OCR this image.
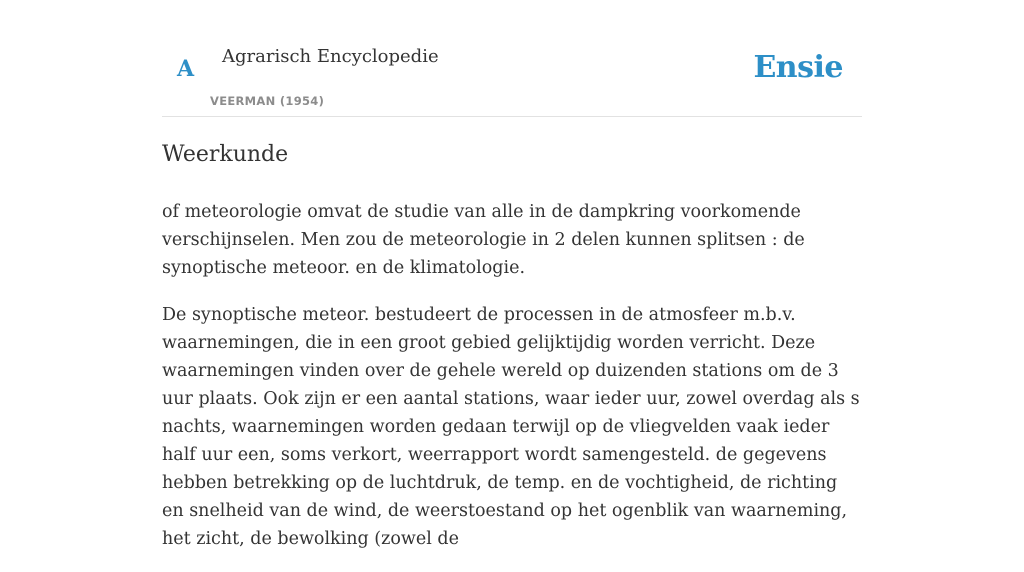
A Agrarisch Encyclopedie
VEERMAN (1954)
Ensie
Weerkunde

of meteorologie omvat de studie van alle in de dampkring voorkomende verschijnselen. Men zou de meteorologie in 2 delen kunnen splitsen : de synoptische meteoor. en de klimatologie.

De synoptische meteor. bestudeert de processen in de atmosfeer m.b.v. waarnemingen, die in een groot gebied gelijktijdig worden verricht. Deze waarnemingen vinden over de gehele wereld op duizenden stations om de 3 uur plaats. Ook zijn er een aantal stations, waar ieder uur, zowel overdag als s nachts, waarnemingen worden gedaan terwijl op de vliegvelden vaak ieder half uur een, soms verkort, weerrapport wordt samengesteld. de gegevens hebben betrekking op de luchtdruk, de temp. en de vochtigheid, de richting en snelheid van de wind, de weerstoestand op het ogenblik van waarneming, het zicht, de bewolking (zowel de
